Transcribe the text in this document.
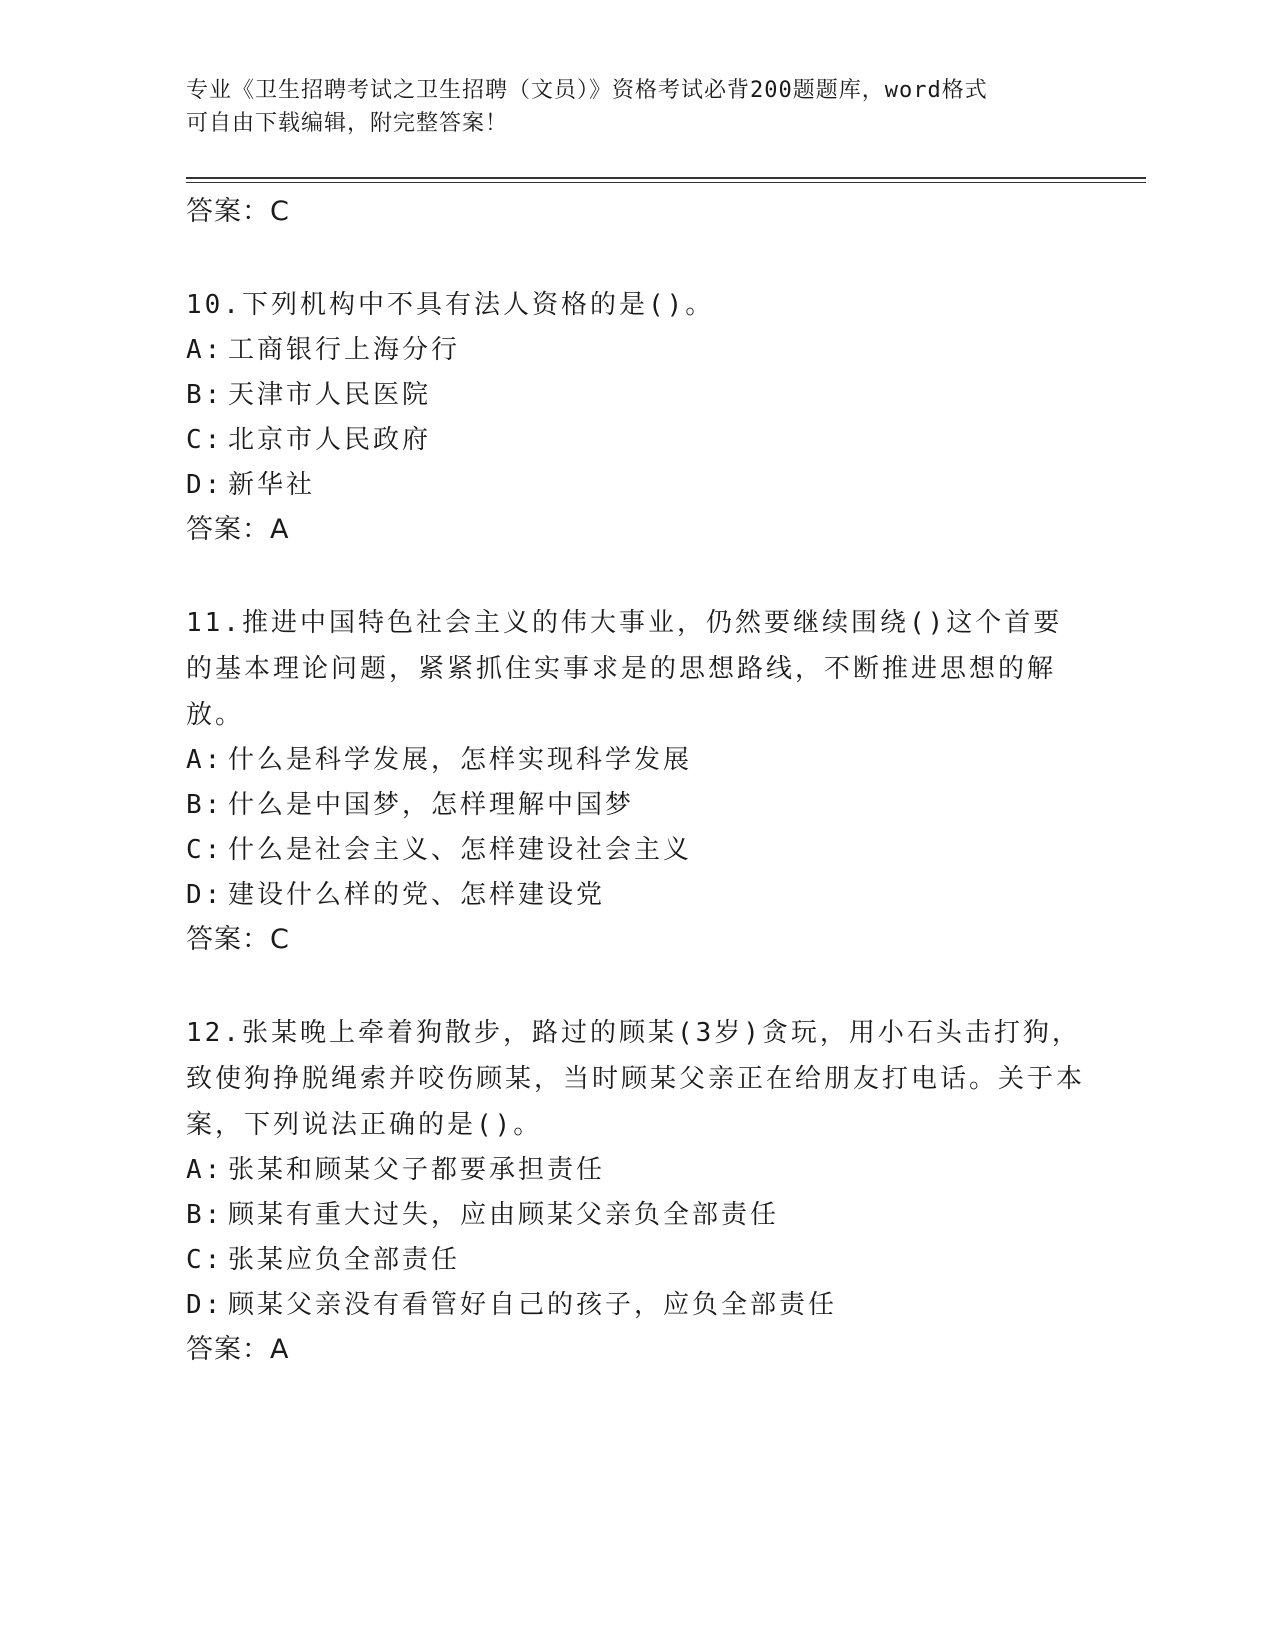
专业《卫生招聘考试之卫生招聘（文员）》资格考试必背200题题库，word格式
可自由下载编辑，附完整答案！
答案：C
10.下列机构中不具有法人资格的是()。
A: 工商银行上海分行
B: 天津市人民医院
C: 北京市人民政府
D: 新华社
答案：A
11.推进中国特色社会主义的伟大事业，仍然要继续围绕()这个首要的基本理论问题，紧紧抓住实事求是的思想路线，不断推进思想的解放。
A: 什么是科学发展，怎样实现科学发展
B: 什么是中国梦，怎样理解中国梦
C: 什么是社会主义、怎样建设社会主义
D: 建设什么样的党、怎样建设党
答案：C
12.张某晚上牵着狗散步，路过的顾某(3岁)贪玩，用小石头击打狗，致使狗挣脱绳索并咬伤顾某，当时顾某父亲正在给朋友打电话。关于本案，下列说法正确的是()。
A: 张某和顾某父子都要承担责任
B: 顾某有重大过失，应由顾某父亲负全部责任
C: 张某应负全部责任
D: 顾某父亲没有看管好自己的孩子，应负全部责任
答案：A
